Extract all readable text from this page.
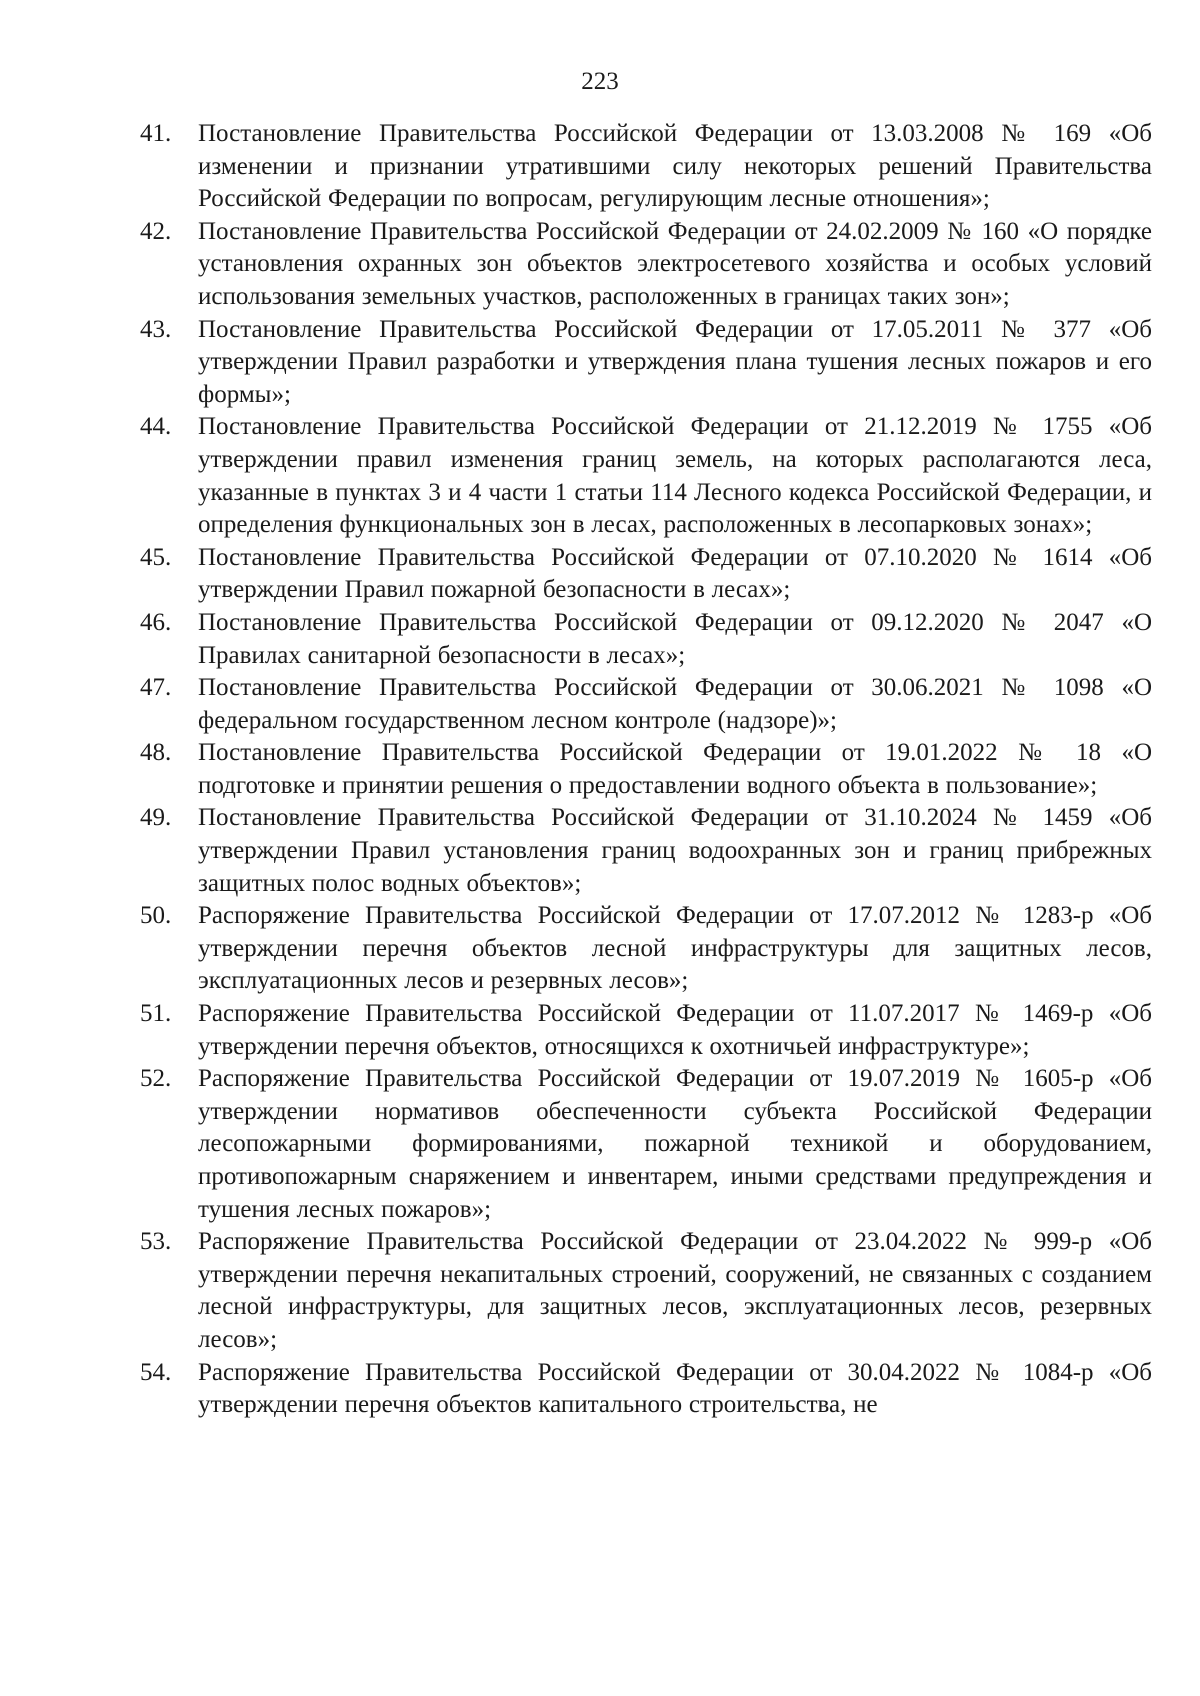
223
41.	Постановление Правительства Российской Федерации от 13.03.2008 № 169 «Об изменении и признании утратившими силу некоторых решений Правительства Российской Федерации по вопросам, регулирующим лесные отношения»;
42.	Постановление Правительства Российской Федерации от 24.02.2009 № 160 «О порядке установления охранных зон объектов электросетевого хозяйства и особых условий использования земельных участков, расположенных в границах таких зон»;
43.	Постановление Правительства Российской Федерации от 17.05.2011 № 377 «Об утверждении Правил разработки и утверждения плана тушения лесных пожаров и его формы»;
44.	Постановление Правительства Российской Федерации от 21.12.2019 № 1755 «Об утверждении правил изменения границ земель, на которых располагаются леса, указанные в пунктах 3 и 4 части 1 статьи 114 Лесного кодекса Российской Федерации, и определения функциональных зон в лесах, расположенных в лесопарковых зонах»;
45.	Постановление Правительства Российской Федерации от 07.10.2020 № 1614 «Об утверждении Правил пожарной безопасности в лесах»;
46.	Постановление Правительства Российской Федерации от 09.12.2020 № 2047 «О Правилах санитарной безопасности в лесах»;
47.	Постановление Правительства Российской Федерации от 30.06.2021 № 1098 «О федеральном государственном лесном контроле (надзоре)»;
48.	Постановление Правительства Российской Федерации от 19.01.2022 № 18 «О подготовке и принятии решения о предоставлении водного объекта в пользование»;
49.	Постановление Правительства Российской Федерации от 31.10.2024 № 1459 «Об утверждении Правил установления границ водоохранных зон и границ прибрежных защитных полос водных объектов»;
50.	Распоряжение Правительства Российской Федерации от 17.07.2012 № 1283-р «Об утверждении перечня объектов лесной инфраструктуры для защитных лесов, эксплуатационных лесов и резервных лесов»;
51.	Распоряжение Правительства Российской Федерации от 11.07.2017 № 1469-р «Об утверждении перечня объектов, относящихся к охотничьей инфраструктуре»;
52.	Распоряжение Правительства Российской Федерации от 19.07.2019 № 1605-р «Об утверждении нормативов обеспеченности субъекта Российской Федерации лесопожарными формированиями, пожарной техникой и оборудованием, противопожарным снаряжением и инвентарем, иными средствами предупреждения и тушения лесных пожаров»;
53.	Распоряжение Правительства Российской Федерации от 23.04.2022 № 999-р «Об утверждении перечня некапитальных строений, сооружений, не связанных с созданием лесной инфраструктуры, для защитных лесов, эксплуатационных лесов, резервных лесов»;
54.	Распоряжение Правительства Российской Федерации от 30.04.2022 № 1084-р «Об утверждении перечня объектов капитального строительства, не
